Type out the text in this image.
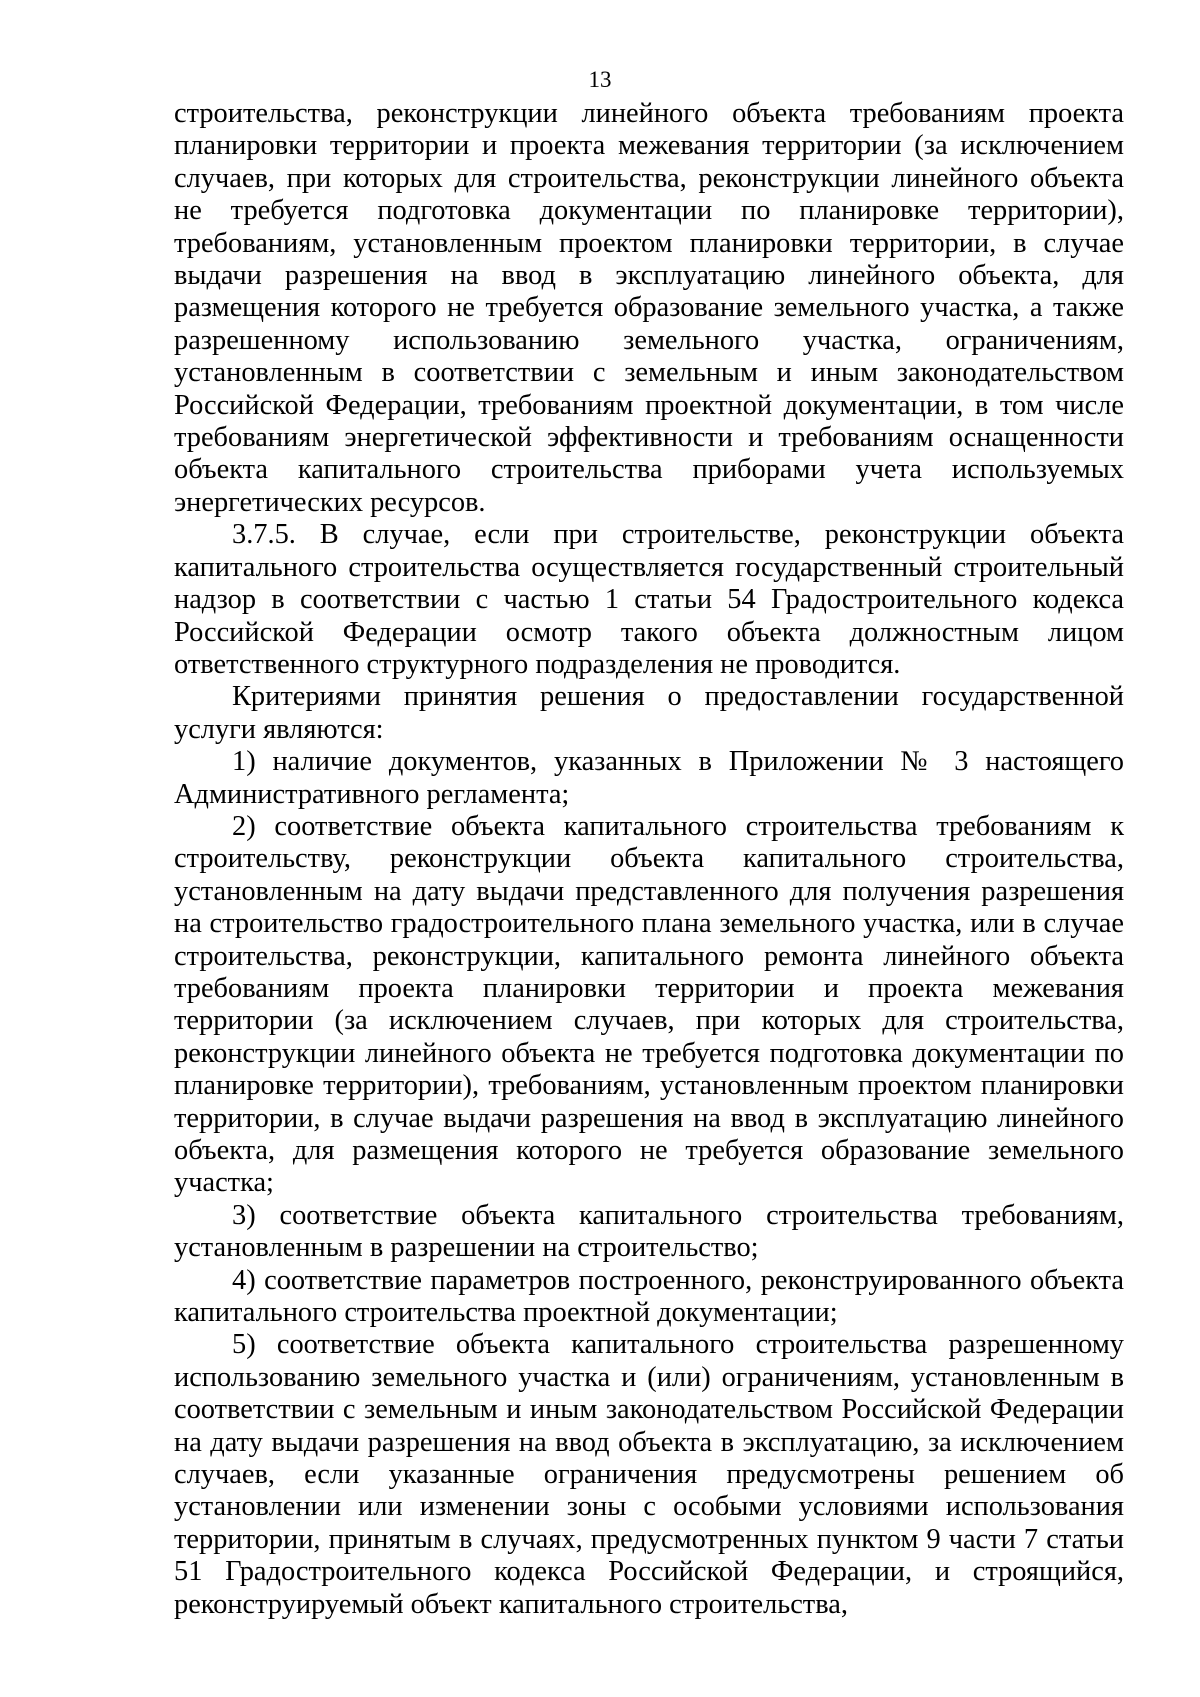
13

строительства, реконструкции линейного объекта требованиям проекта планировки территории и проекта межевания территории (за исключением случаев, при которых для строительства, реконструкции линейного объекта не требуется подготовка документации по планировке территории), требованиям, установленным проектом планировки территории, в случае выдачи разрешения на ввод в эксплуатацию линейного объекта, для размещения которого не требуется образование земельного участка, а также разрешенному использованию земельного участка, ограничениям, установленным в соответствии с земельным и иным законодательством Российской Федерации, требованиям проектной документации, в том числе требованиям энергетической эффективности и требованиям оснащенности объекта капитального строительства приборами учета используемых энергетических ресурсов.

3.7.5. В случае, если при строительстве, реконструкции объекта капитального строительства осуществляется государственный строительный надзор в соответствии с частью 1 статьи 54 Градостроительного кодекса Российской Федерации осмотр такого объекта должностным лицом ответственного структурного подразделения не проводится.

Критериями принятия решения о предоставлении государственной услуги являются:

1) наличие документов, указанных в Приложении № 3 настоящего Административного регламента;

2) соответствие объекта капитального строительства требованиям к строительству, реконструкции объекта капитального строительства, установленным на дату выдачи представленного для получения разрешения на строительство градостроительного плана земельного участка, или в случае строительства, реконструкции, капитального ремонта линейного объекта требованиям проекта планировки территории и проекта межевания территории (за исключением случаев, при которых для строительства, реконструкции линейного объекта не требуется подготовка документации по планировке территории), требованиям, установленным проектом планировки территории, в случае выдачи разрешения на ввод в эксплуатацию линейного объекта, для размещения которого не требуется образование земельного участка;

3) соответствие объекта капитального строительства требованиям, установленным в разрешении на строительство;

4) соответствие параметров построенного, реконструированного объекта капитального строительства проектной документации;

5) соответствие объекта капитального строительства разрешенному использованию земельного участка и (или) ограничениям, установленным в соответствии с земельным и иным законодательством Российской Федерации на дату выдачи разрешения на ввод объекта в эксплуатацию, за исключением случаев, если указанные ограничения предусмотрены решением об установлении или изменении зоны с особыми условиями использования территории, принятым в случаях, предусмотренных пунктом 9 части 7 статьи 51 Градостроительного кодекса Российской Федерации, и строящийся, реконструируемый объект капитального строительства,
